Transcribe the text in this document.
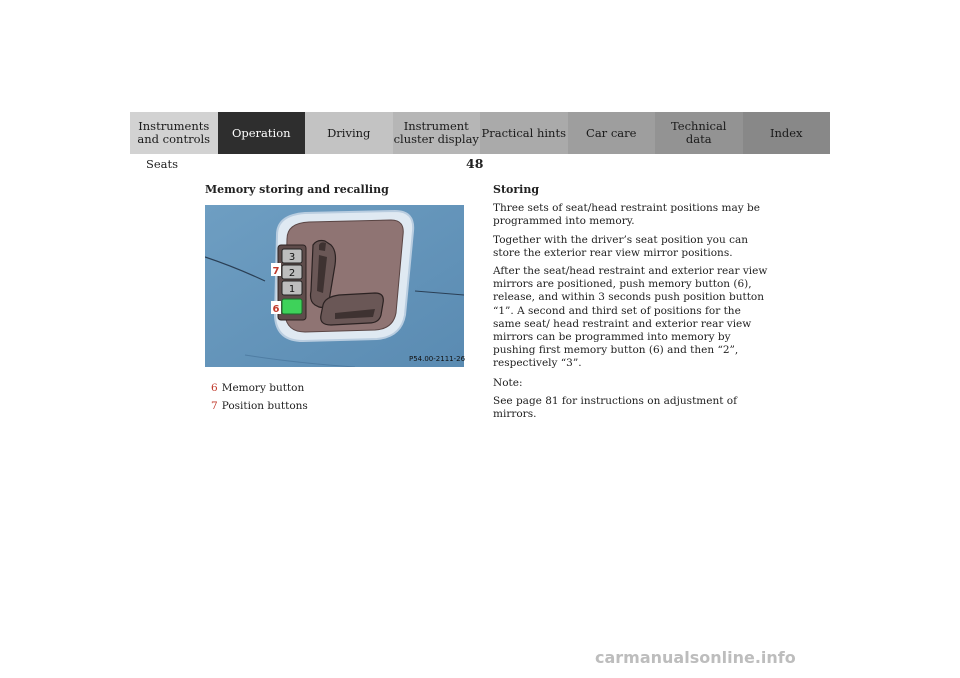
Instruments
and controls	Operation	Driving	Instrument
cluster display Practical hints	Car care	Technical
data	Index
Seats	48
Memory storing and recalling
3
2
1
7
6
P54.00-2111-26
6 Memory button
7 Position buttons
Storing

Three sets of seat/head restraint positions may be programmed into memory.

Together with the driver’s seat position you can store the exterior rear view mirror positions.

After the seat/head restraint and exterior rear view mirrors are positioned, push memory button (6), release, and within 3 seconds push position button “1”. A second and third set of positions for the same seat/ head restraint and exterior rear view mirrors can be programmed into memory by pushing first memory button (6) and then “2”, respectively “3”.

Note:

See page 81 for instructions on adjustment of mirrors.

carmanualsonline.info
